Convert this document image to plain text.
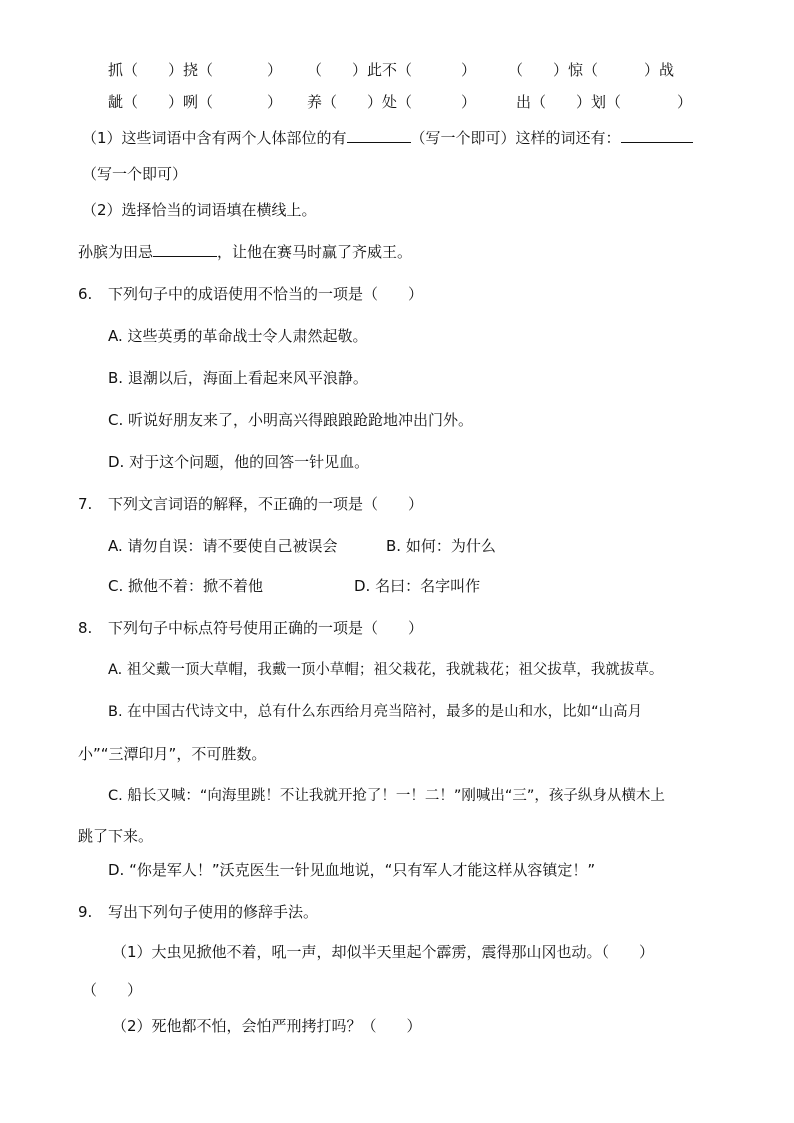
抓（　　）挠（	） （　　）此不（	） （　　）惊（	）战
龇（　　）咧（	） 养（　　）处（	）	出（　　）划（	）
（1）这些词语中含有两个人体部位的有	（写一个即可）这样的词还有：
（写一个即可）
（2）选择恰当的词语填在横线上。
孙膑为田忌	，让他在赛马时赢了齐威王。
6. 下列句子中的成语使用不恰当的一项是（　　）
A. 这些英勇的革命战士令人肃然起敬。
B. 退潮以后，海面上看起来风平浪静。
C. 听说好朋友来了，小明高兴得踉踉跄跄地冲出门外。
D. 对于这个问题，他的回答一针见血。
7. 下列文言词语的解释，不正确的一项是（　　）
A. 请勿自误：请不要使自己被误会	B. 如何：为什么
C. 掀他不着：掀不着他	D. 名曰：名字叫作
8. 下列句子中标点符号使用正确的一项是（　　）
A. 祖父戴一顶大草帽，我戴一顶小草帽；祖父栽花，我就栽花；祖父拔草，我就拔草。
B. 在中国古代诗文中，总有什么东西给月亮当陪衬，最多的是山和水，比如“山高月
小”“三潭印月”，不可胜数。
C. 船长又喊：“向海里跳！不让我就开抢了！一！二！”刚喊出“三”，孩子纵身从横木上
跳了下来。
D. “你是军人！”沃克医生一针见血地说，“只有军人才能这样从容镇定！”
9. 写出下列句子使用的修辞手法。
（1）大虫见掀他不着，吼一声，却似半天里起个霹雳，震得那山冈也动。（　　）
（　　）
（2）死他都不怕，会怕严刑拷打吗？（　　）
